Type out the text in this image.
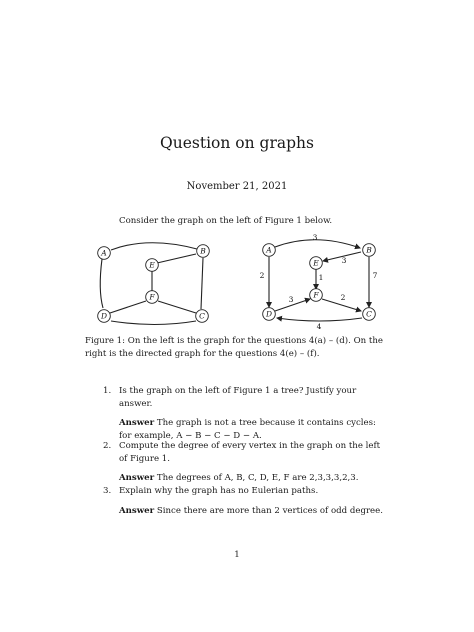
Question on graphs
November 21, 2021
Consider the graph on the left of Figure 1 below.
A	B
E
F
D	C
3
3
2	7
1
3	2
4
A	B
E
F
D	C
Figure 1: On the left is the graph for the questions 4(a) – (d). On the right is the directed graph for the questions 4(e) – (f).
1. Is the graph on the left of Figure 1 a tree? Justify your answer.
Answer The graph is not a tree because it contains cycles: for example, A − B − C − D − A.
2. Compute the degree of every vertex in the graph on the left of Figure 1.
Answer The degrees of A, B, C, D, E, F are 2,3,3,3,2,3.
3. Explain why the graph has no Eulerian paths.
Answer Since there are more than 2 vertices of odd degree.
1
